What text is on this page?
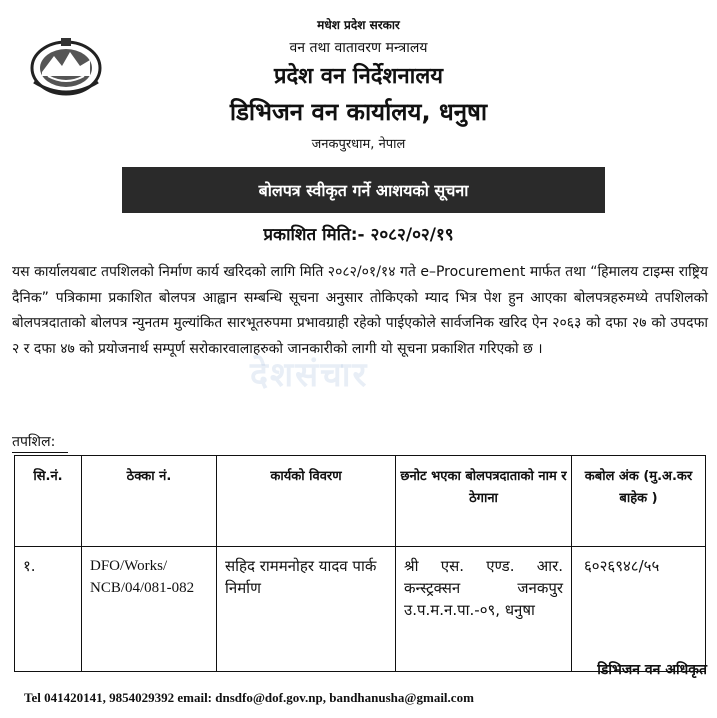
मधेश प्रदेश सरकार
वन तथा वातावरण मन्त्रालय
प्रदेश वन निर्देशनालय
डिभिजन वन कार्यालय, धनुषा
जनकपुरधाम, नेपाल
बोलपत्र स्वीकृत गर्ने आशयको सूचना
प्रकाशित मिति:- २०८२/०२/१९
यस कार्यालयबाट तपशिलको निर्माण कार्य खरिदको लागि मिति २०८२/०१/१४ गते e–Procurement मार्फत तथा “हिमालय टाइम्स राष्ट्रिय दैनिक” पत्रिकामा प्रकाशित बोलपत्र आह्वान सम्बन्धि सूचना अनुसार तोकिएको म्याद भित्र पेश हुन आएका बोलपत्रहरुमध्ये तपशिलको बोलपत्रदाताको बोलपत्र न्युनतम मुल्यांकित सारभूतरुपमा प्रभावग्राही रहेको पाईएकोले सार्वजनिक खरिद ऐन २०६३ को दफा २७ को उपदफा २ र दफा ४७ को प्रयोजनार्थ सम्पूर्ण सरोकारवालाहरुको जानकारीको लागी यो सूचना प्रकाशित गरिएको छ ।
देशसंचार
तपशिल:
सि.नं.	ठेक्का नं.	कार्यको विवरण	छनोट भएका बोलपत्रदाताको नाम र ठेगाना	कबोल अंक (मु.अ.कर बाहेक )
१.	DFO/Works/ NCB/04/081-082	सहिद राममनोहर यादव पार्क निर्माण	श्री एस. एण्ड. आर. कन्स्ट्रक्सन जनकपुर उ.प.म.न.पा.-०९, धनुषा	६०२६९४८/५५
डिभिजन वन अधिकृत
Tel 041420141, 9854029392 email: dnsdfo@dof.gov.np, bandhanusha@gmail.com
